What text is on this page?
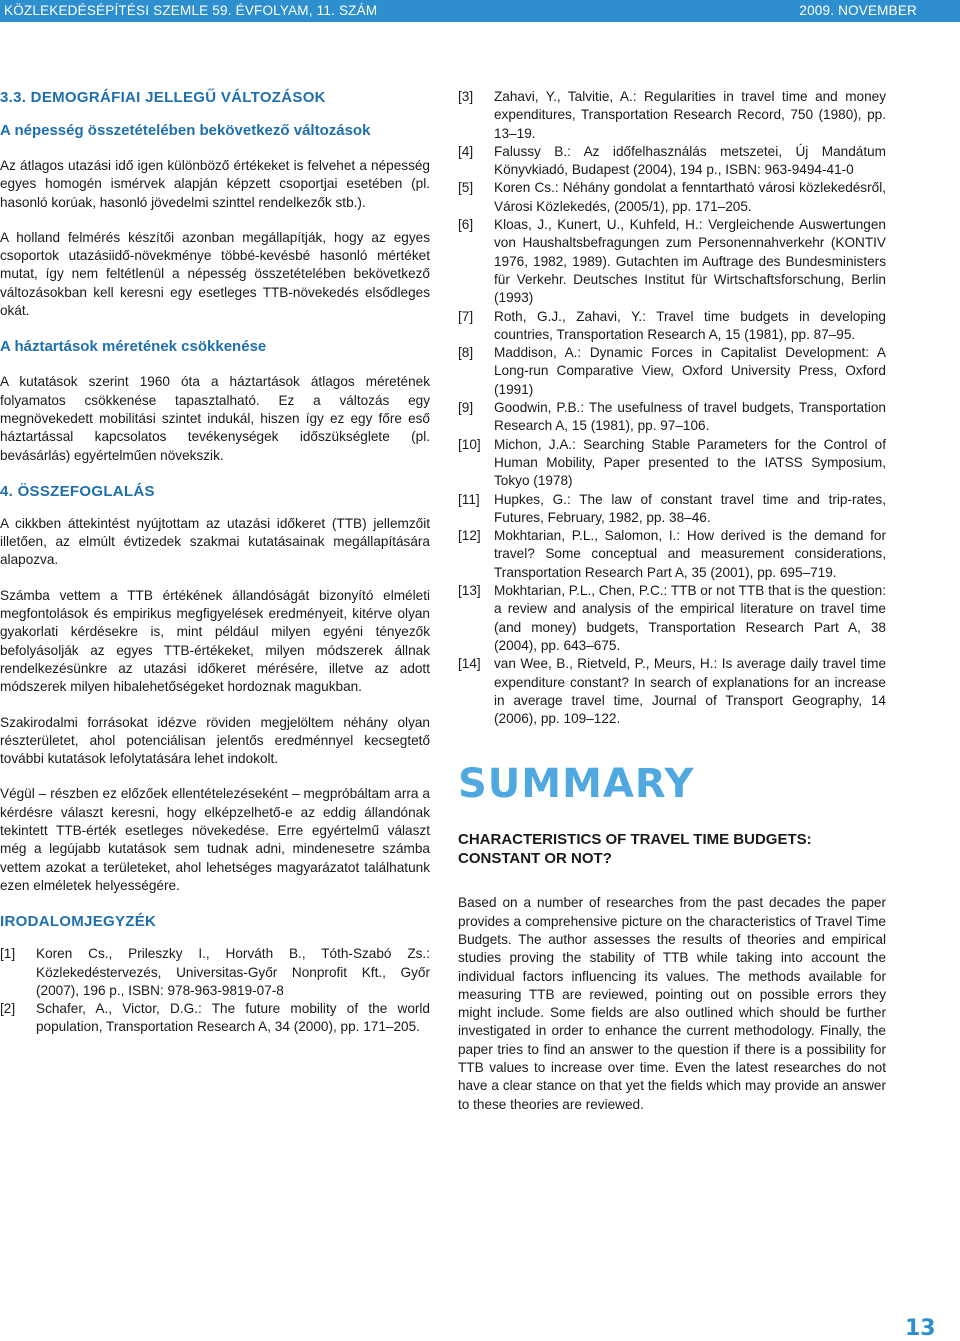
KÖZLEKEDÉSÉPÍTÉSI SZEMLE 59. ÉVFOLYAM, 11. SZÁM	2009. NOVEMBER
3.3. DEMOGRÁFIAI JELLEGŰ VÁLTOZÁSOK
A népesség összetételében bekövetkező változások

Az átlagos utazási idő igen különböző értékeket is felvehet a népesség egyes homogén ismérvek alapján képzett csoportjai esetében (pl. hasonló korúak, hasonló jövedelmi szinttel rendelkezők stb.).

A holland felmérés készítői azonban megállapítják, hogy az egyes csoportok utazásiidő-növekménye többé-kevésbé hasonló mértéket mutat, így nem feltétlenül a népesség összetételében bekövetkező változásokban kell keresni egy esetleges TTB-növekedés elsődleges okát.

A háztartások méretének csökkenése

A kutatások szerint 1960 óta a háztartások átlagos méretének folyamatos csökkenése tapasztalható. Ez a változás egy megnövekedett mobilitási szintet indukál, hiszen így ez egy főre eső háztartással kapcsolatos tevékenységek időszükséglete (pl. bevásárlás) egyértelműen növekszik.

4. ÖSSZEFOGLALÁS

A cikkben áttekintést nyújtottam az utazási időkeret (TTB) jellemzőit illetően, az elmúlt évtizedek szakmai kutatásainak megállapítására alapozva.

Számba vettem a TTB értékének állandóságát bizonyító elméleti megfontolások és empirikus megfigyelések eredményeit, kitérve olyan gyakorlati kérdésekre is, mint például milyen egyéni tényezők befolyásolják az egyes TTB-értékeket, milyen módszerek állnak rendelkezésünkre az utazási időkeret mérésére, illetve az adott módszerek milyen hibalehetőségeket hordoznak magukban.

Szakirodalmi forrásokat idézve röviden megjelöltem néhány olyan részterületet, ahol potenciálisan jelentős eredménnyel kecsegtető további kutatások lefolytatására lehet indokolt.

Végül – részben ez előzőek ellentételezéseként – megpróbáltam arra a kérdésre választ keresni, hogy elképzelhető-e az eddig állandónak tekintett TTB-érték esetleges növekedése. Erre egyértelmű választ még a legújabb kutatások sem tudnak adni, mindenesetre számba vettem azokat a területeket, ahol lehetséges magyarázatot találhatunk ezen elméletek helyességére.

IRODALOMJEGYZÉK
[1]	Koren Cs., Prileszky I., Horváth B., Tóth-Szabó Zs.: Közlekedéstervezés, Universitas-Győr Nonprofit Kft., Győr (2007), 196 p., ISBN: 978-963-9819-07-8
[2]	Schafer, A., Victor, D.G.: The future mobility of the world population, Transportation Research A, 34 (2000), pp. 171–205.
[3]	Zahavi, Y., Talvitie, A.: Regularities in travel time and money expenditures, Transportation Research Record, 750 (1980), pp. 13–19.
[4]	Falussy B.: Az időfelhasználás metszetei, Új Mandátum Könyvkiadó, Budapest (2004), 194 p., ISBN: 963-9494-41-0
[5]	Koren Cs.: Néhány gondolat a fenntartható városi közlekedésről, Városi Közlekedés, (2005/1), pp. 171–205.
[6]	Kloas, J., Kunert, U., Kuhfeld, H.: Vergleichende Auswertungen von Haushaltsbefragungen zum Personennahverkehr (KONTIV 1976, 1982, 1989). Gutachten im Auftrage des Bundesministers für Verkehr. Deutsches Institut für Wirtschaftsforschung, Berlin (1993)
[7]	Roth, G.J., Zahavi, Y.: Travel time budgets in developing countries, Transportation Research A, 15 (1981), pp. 87–95.
[8]	Maddison, A.: Dynamic Forces in Capitalist Development: A Long-run Comparative View, Oxford University Press, Oxford (1991)
[9]	Goodwin, P.B.: The usefulness of travel budgets, Transportation Research A, 15 (1981), pp. 97–106.
[10] Michon, J.A.: Searching Stable Parameters for the Control of Human Mobility, Paper presented to the IATSS Symposium, Tokyo (1978)
[11]	Hupkes, G.: The law of constant travel time and trip-rates, Futures, February, 1982, pp. 38–46.
[12] Mokhtarian, P.L., Salomon, I.: How derived is the demand for travel? Some conceptual and measurement considerations, Transportation Research Part A, 35 (2001), pp. 695–719.
[13] Mokhtarian, P.L., Chen, P.C.: TTB or not TTB that is the question: a review and analysis of the empirical literature on travel time (and money) budgets, Transportation Research Part A, 38 (2004), pp. 643–675.
[14] van Wee, B., Rietveld, P., Meurs, H.: Is average daily travel time expenditure constant? In search of explanations for an increase in average travel time, Journal of Transport Geography, 14 (2006), pp. 109–122.
SUMMARY
CHARACTERISTICS OF TRAVEL TIME BUDGETS:
CONSTANT OR NOT?

Based on a number of researches from the past decades the paper provides a comprehensive picture on the characteristics of Travel Time Budgets. The author assesses the results of theories and empirical studies proving the stability of TTB while taking into account the individual factors influencing its values. The methods available for measuring TTB are reviewed, pointing out on possible errors they might include. Some fields are also outlined which should be further investigated in order to enhance the current methodology. Finally, the paper tries to find an answer to the question if there is a possibility for TTB values to increase over time. Even the latest researches do not have a clear stance on that yet the fields which may provide an answer to these theories are reviewed.

13
